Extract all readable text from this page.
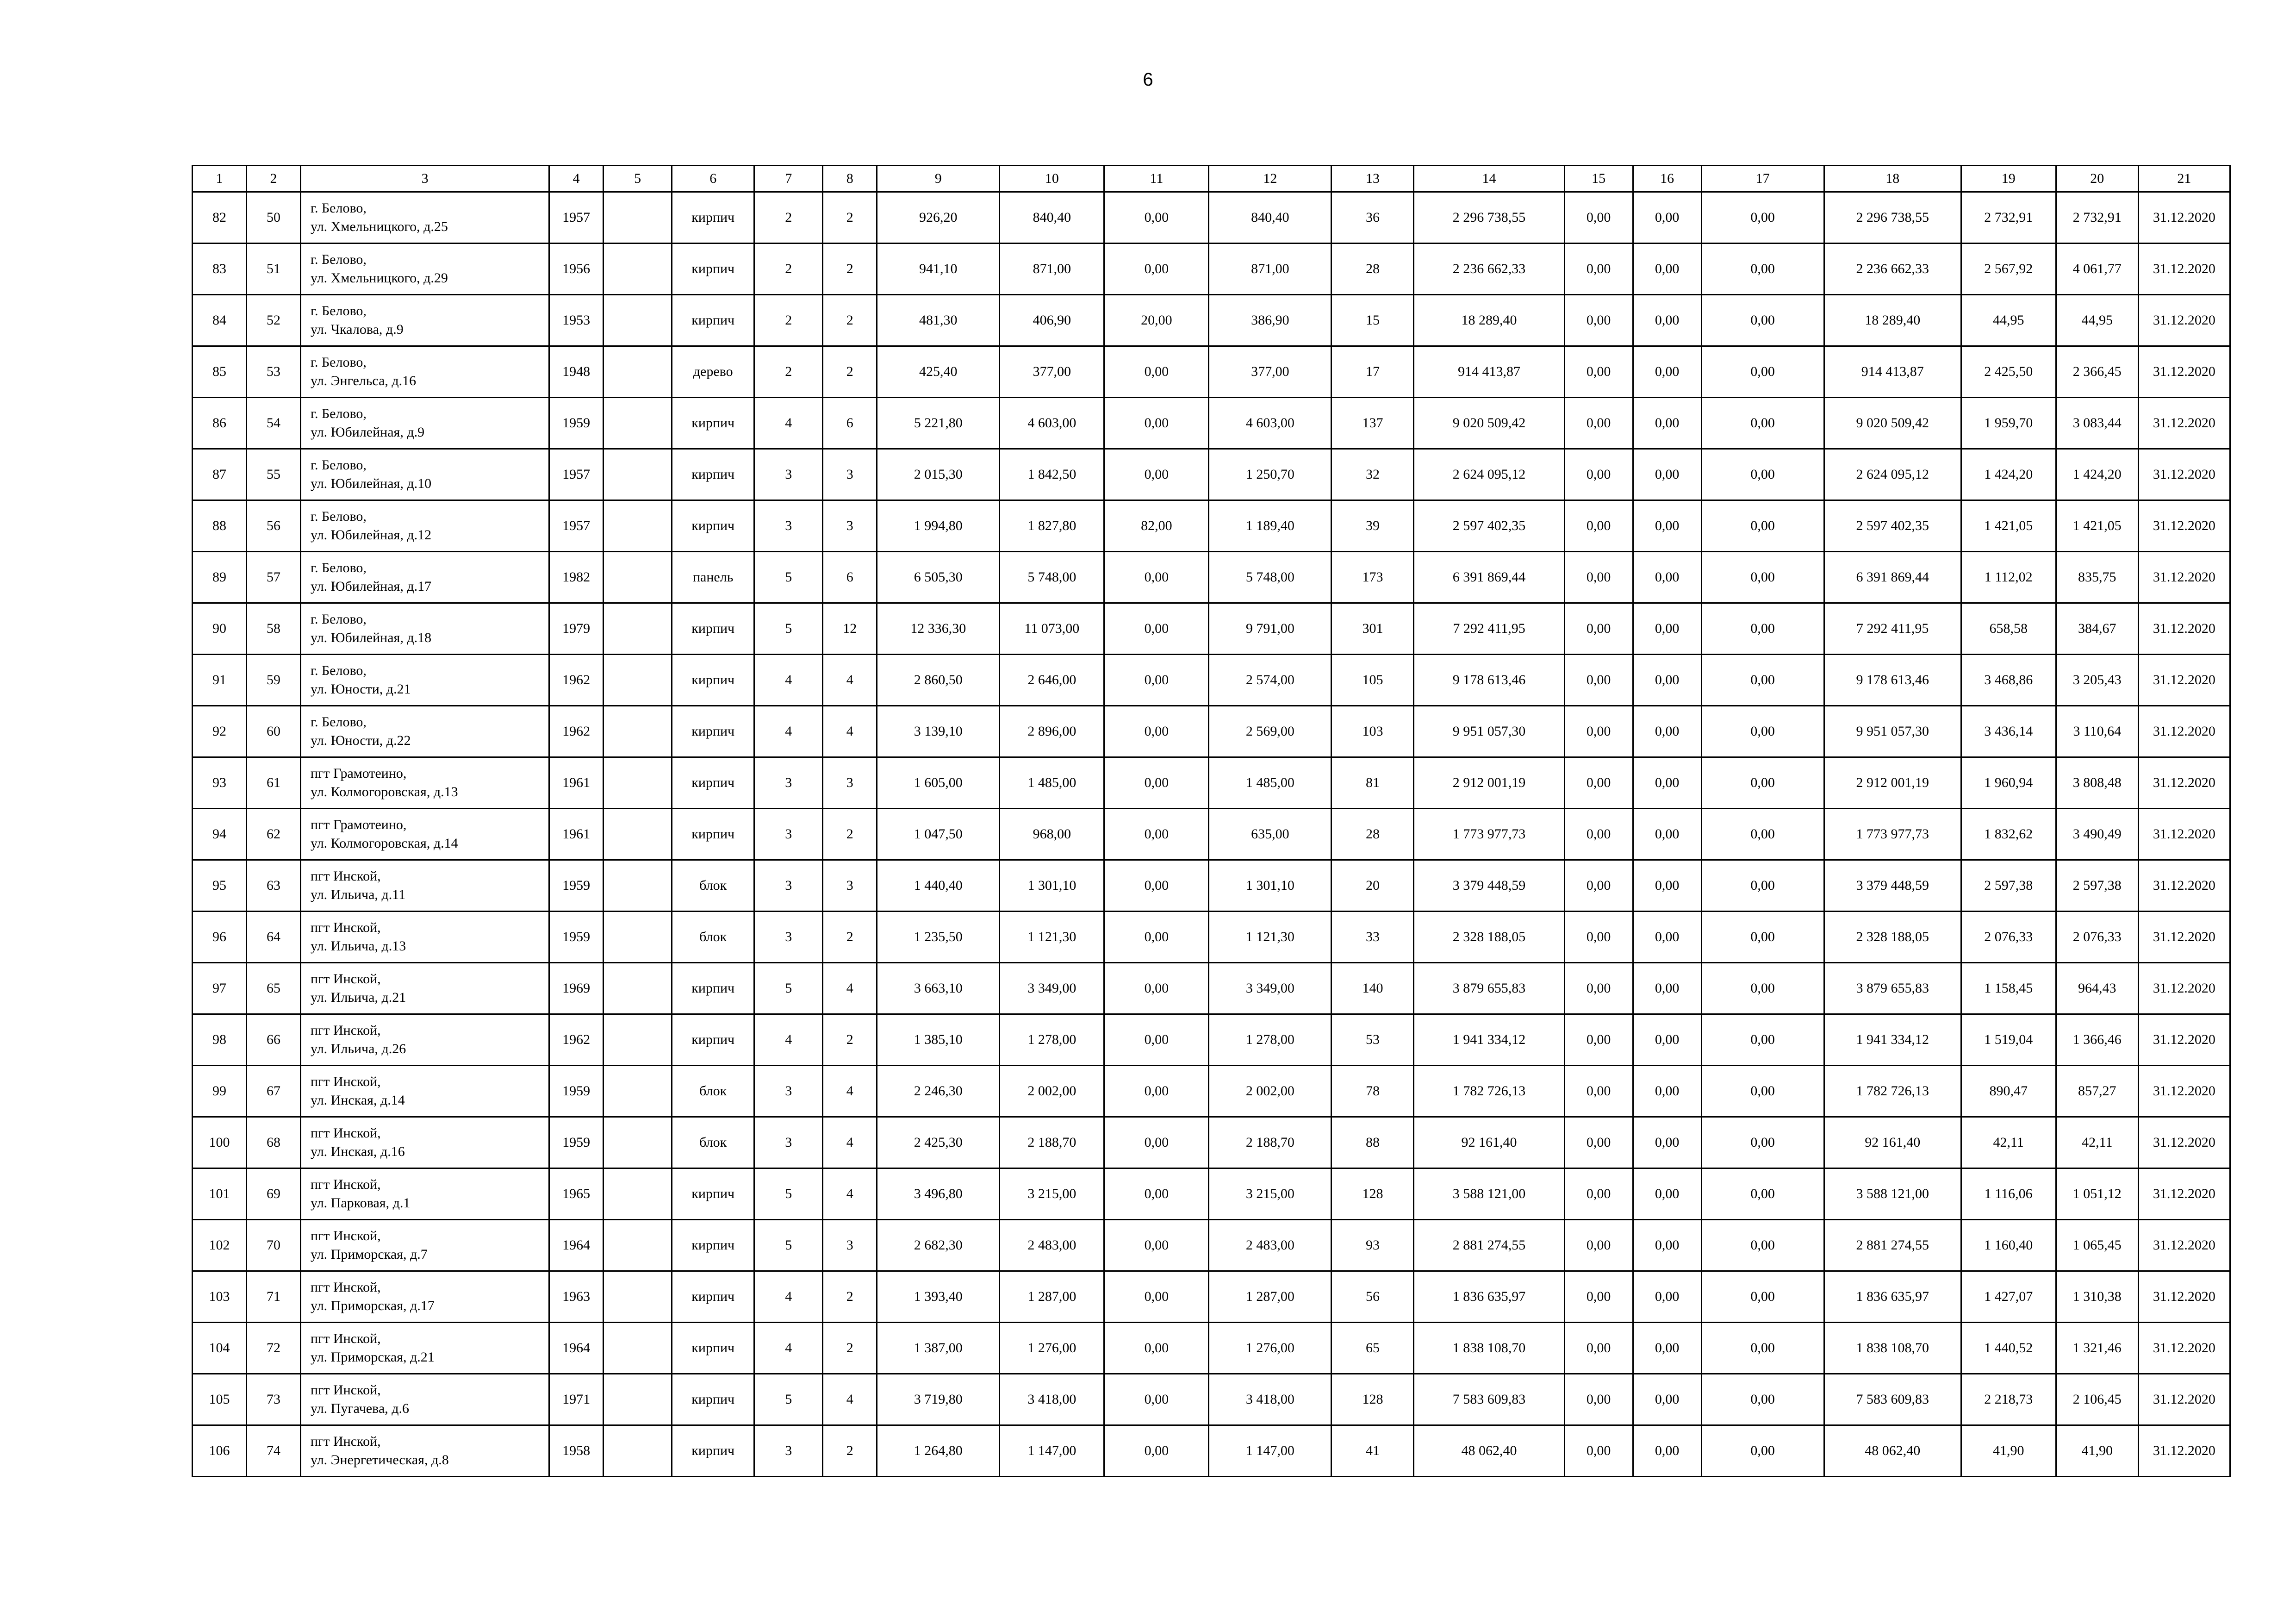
6
1	2	3	4	5	6	7	8	9	10	11	12	13	14	15	16	17	18	19	20	21
82	50	г. Белово,
ул. Хмельницкого, д.25	1957		кирпич	2	2	926,20	840,40	0,00	840,40	36	2 296 738,55	0,00	0,00	0,00	2 296 738,55	2 732,91	2 732,91	31.12.2020
83	51	г. Белово,
ул. Хмельницкого, д.29	1956		кирпич	2	2	941,10	871,00	0,00	871,00	28	2 236 662,33	0,00	0,00	0,00	2 236 662,33	2 567,92	4 061,77	31.12.2020
84	52	г. Белово,
ул. Чкалова, д.9	1953		кирпич	2	2	481,30	406,90	20,00	386,90	15	18 289,40	0,00	0,00	0,00	18 289,40	44,95	44,95	31.12.2020
85	53	г. Белово,
ул. Энгельса, д.16	1948		дерево	2	2	425,40	377,00	0,00	377,00	17	914 413,87	0,00	0,00	0,00	914 413,87	2 425,50	2 366,45	31.12.2020
86	54	г. Белово,
ул. Юбилейная, д.9	1959		кирпич	4	6	5 221,80	4 603,00	0,00	4 603,00	137	9 020 509,42	0,00	0,00	0,00	9 020 509,42	1 959,70	3 083,44	31.12.2020
87	55	г. Белово,
ул. Юбилейная, д.10	1957		кирпич	3	3	2 015,30	1 842,50	0,00	1 250,70	32	2 624 095,12	0,00	0,00	0,00	2 624 095,12	1 424,20	1 424,20	31.12.2020
88	56	г. Белово,
ул. Юбилейная, д.12	1957		кирпич	3	3	1 994,80	1 827,80	82,00	1 189,40	39	2 597 402,35	0,00	0,00	0,00	2 597 402,35	1 421,05	1 421,05	31.12.2020
89	57	г. Белово,
ул. Юбилейная, д.17	1982		панель	5	6	6 505,30	5 748,00	0,00	5 748,00	173	6 391 869,44	0,00	0,00	0,00	6 391 869,44	1 112,02	835,75	31.12.2020
90	58	г. Белово,
ул. Юбилейная, д.18	1979		кирпич	5	12	12 336,30	11 073,00	0,00	9 791,00	301	7 292 411,95	0,00	0,00	0,00	7 292 411,95	658,58	384,67	31.12.2020
91	59	г. Белово,
ул. Юности, д.21	1962		кирпич	4	4	2 860,50	2 646,00	0,00	2 574,00	105	9 178 613,46	0,00	0,00	0,00	9 178 613,46	3 468,86	3 205,43	31.12.2020
92	60	г. Белово,
ул. Юности, д.22	1962		кирпич	4	4	3 139,10	2 896,00	0,00	2 569,00	103	9 951 057,30	0,00	0,00	0,00	9 951 057,30	3 436,14	3 110,64	31.12.2020
93	61	пгт Грамотеино,
ул. Колмогоровская, д.13	1961		кирпич	3	3	1 605,00	1 485,00	0,00	1 485,00	81	2 912 001,19	0,00	0,00	0,00	2 912 001,19	1 960,94	3 808,48	31.12.2020
94	62	пгт Грамотеино,
ул. Колмогоровская, д.14	1961		кирпич	3	2	1 047,50	968,00	0,00	635,00	28	1 773 977,73	0,00	0,00	0,00	1 773 977,73	1 832,62	3 490,49	31.12.2020
95	63	пгт Инской,
ул. Ильича, д.11	1959		блок	3	3	1 440,40	1 301,10	0,00	1 301,10	20	3 379 448,59	0,00	0,00	0,00	3 379 448,59	2 597,38	2 597,38	31.12.2020
96	64	пгт Инской,
ул. Ильича, д.13	1959		блок	3	2	1 235,50	1 121,30	0,00	1 121,30	33	2 328 188,05	0,00	0,00	0,00	2 328 188,05	2 076,33	2 076,33	31.12.2020
97	65	пгт Инской,
ул. Ильича, д.21	1969		кирпич	5	4	3 663,10	3 349,00	0,00	3 349,00	140	3 879 655,83	0,00	0,00	0,00	3 879 655,83	1 158,45	964,43	31.12.2020
98	66	пгт Инской,
ул. Ильича, д.26	1962		кирпич	4	2	1 385,10	1 278,00	0,00	1 278,00	53	1 941 334,12	0,00	0,00	0,00	1 941 334,12	1 519,04	1 366,46	31.12.2020
99	67	пгт Инской,
ул. Инская, д.14	1959		блок	3	4	2 246,30	2 002,00	0,00	2 002,00	78	1 782 726,13	0,00	0,00	0,00	1 782 726,13	890,47	857,27	31.12.2020
100	68	пгт Инской,
ул. Инская, д.16	1959		блок	3	4	2 425,30	2 188,70	0,00	2 188,70	88	92 161,40	0,00	0,00	0,00	92 161,40	42,11	42,11	31.12.2020
101	69	пгт Инской,
ул. Парковая, д.1	1965		кирпич	5	4	3 496,80	3 215,00	0,00	3 215,00	128	3 588 121,00	0,00	0,00	0,00	3 588 121,00	1 116,06	1 051,12	31.12.2020
102	70	пгт Инской,
ул. Приморская, д.7	1964		кирпич	5	3	2 682,30	2 483,00	0,00	2 483,00	93	2 881 274,55	0,00	0,00	0,00	2 881 274,55	1 160,40	1 065,45	31.12.2020
103	71	пгт Инской,
ул. Приморская, д.17	1963		кирпич	4	2	1 393,40	1 287,00	0,00	1 287,00	56	1 836 635,97	0,00	0,00	0,00	1 836 635,97	1 427,07	1 310,38	31.12.2020
104	72	пгт Инской,
ул. Приморская, д.21	1964		кирпич	4	2	1 387,00	1 276,00	0,00	1 276,00	65	1 838 108,70	0,00	0,00	0,00	1 838 108,70	1 440,52	1 321,46	31.12.2020
105	73	пгт Инской,
ул. Пугачева, д.6	1971		кирпич	5	4	3 719,80	3 418,00	0,00	3 418,00	128	7 583 609,83	0,00	0,00	0,00	7 583 609,83	2 218,73	2 106,45	31.12.2020
106	74	пгт Инской,
ул. Энергетическая, д.8	1958		кирпич	3	2	1 264,80	1 147,00	0,00	1 147,00	41	48 062,40	0,00	0,00	0,00	48 062,40	41,90	41,90	31.12.2020
